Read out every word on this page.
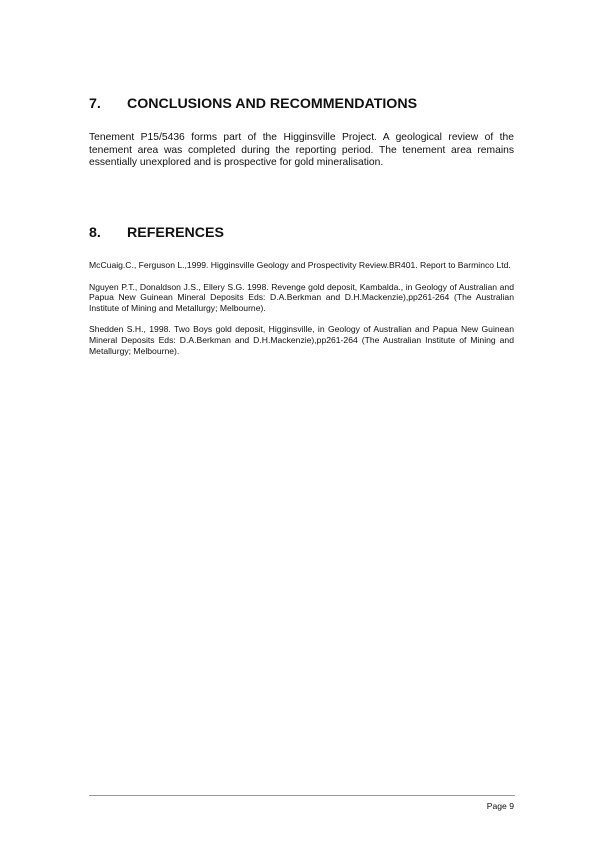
7.	CONCLUSIONS AND RECOMMENDATIONS

Tenement P15/5436 forms part of the Higginsville Project. A geological review of the tenement area was completed during the reporting period. The tenement area remains essentially unexplored and is prospective for gold mineralisation.

8.	REFERENCES

McCuaig.C., Ferguson L.,1999. Higginsville Geology and Prospectivity Review.BR401. Report to Barminco Ltd.

Nguyen P.T., Donaldson J.S., Ellery S.G. 1998. Revenge gold deposit, Kambalda., in Geology of Australian and Papua New Guinean Mineral Deposits Eds: D.A.Berkman and D.H.Mackenzie),pp261-264 (The Australian Institute of Mining and Metallurgy; Melbourne).

Shedden S.H., 1998. Two Boys gold deposit, Higginsville, in Geology of Australian and Papua New Guinean Mineral Deposits Eds: D.A.Berkman and D.H.Mackenzie),pp261-264 (The Australian Institute of Mining and Metallurgy; Melbourne).

Page 9
